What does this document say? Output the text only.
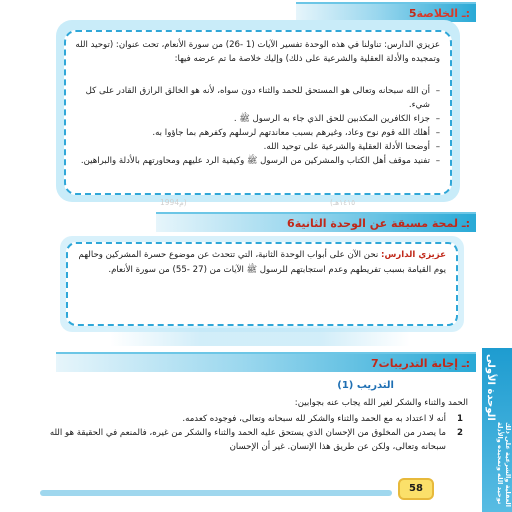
5ـ الخلاصة:
عزيزي الدارس: تناولنا في هذه الوحدة تفسير الآيات (1 -26) من سورة الأنعام، تحت عنوان: (توحيد الله وتمجيده والأدلة العقلية والشرعية على ذلك) وإليك خلاصة ما تم عرضه فيها:
– أن الله سبحانه وتعالى هو المستحق للحمد والثناء دون سواه، لأنه هو الخالق الرازق القادر على كل شيء.
– جزاء الكافرين المكذبين للحق الذي جاء به الرسول ﷺ .
– أهلك الله قوم نوح وعاد، وغيرهم بسبب معاندتهم لرسلهم وكفرهم بما جاؤوا به.
– أوضحنا الأدلة العقلية والشرعية على توحيد الله.
– تفنيد موقف أهل الكتاب والمشركين من الرسول ﷺ وكيفية الرد عليهم ومحاورتهم بالأدلة والبراهين.
1994م)	(١٤١٥هـ
6ـ لمحة مسبقة عن الوحدة الثانية:
عزيزي الدارس: نحن الآن على أبواب الوحدة الثانية، التي تتحدث عن موضوع حسرة المشركين وحالهم يوم القيامة بسبب تفريطهم وعدم استجابتهم للرسول ﷺ الآيات من (27 -55) من سورة الأنعام.
7ـ إجابة التدريبات:	الوحدة الأولى
توحيد الله وتمجيده والأدلة العقلية والشرعية على ذلك
التدريب (1)
الحمد والثناء والشكر لغير الله يجاب عنه بجوابين:
1
أنه لا اعتداد به مع الحمد والثناء والشكر لله سبحانه وتعالى، فوجوده كعدمه.
2
ما يصدر من المخلوق من الإحسان الذي يستحق عليه الحمد والثناء والشكر من غيره، فالمنعم في الحقيقة هو الله سبحانه وتعالى، ولكن عن طريق هذا الإنسان. غير أن الإحسان
58
